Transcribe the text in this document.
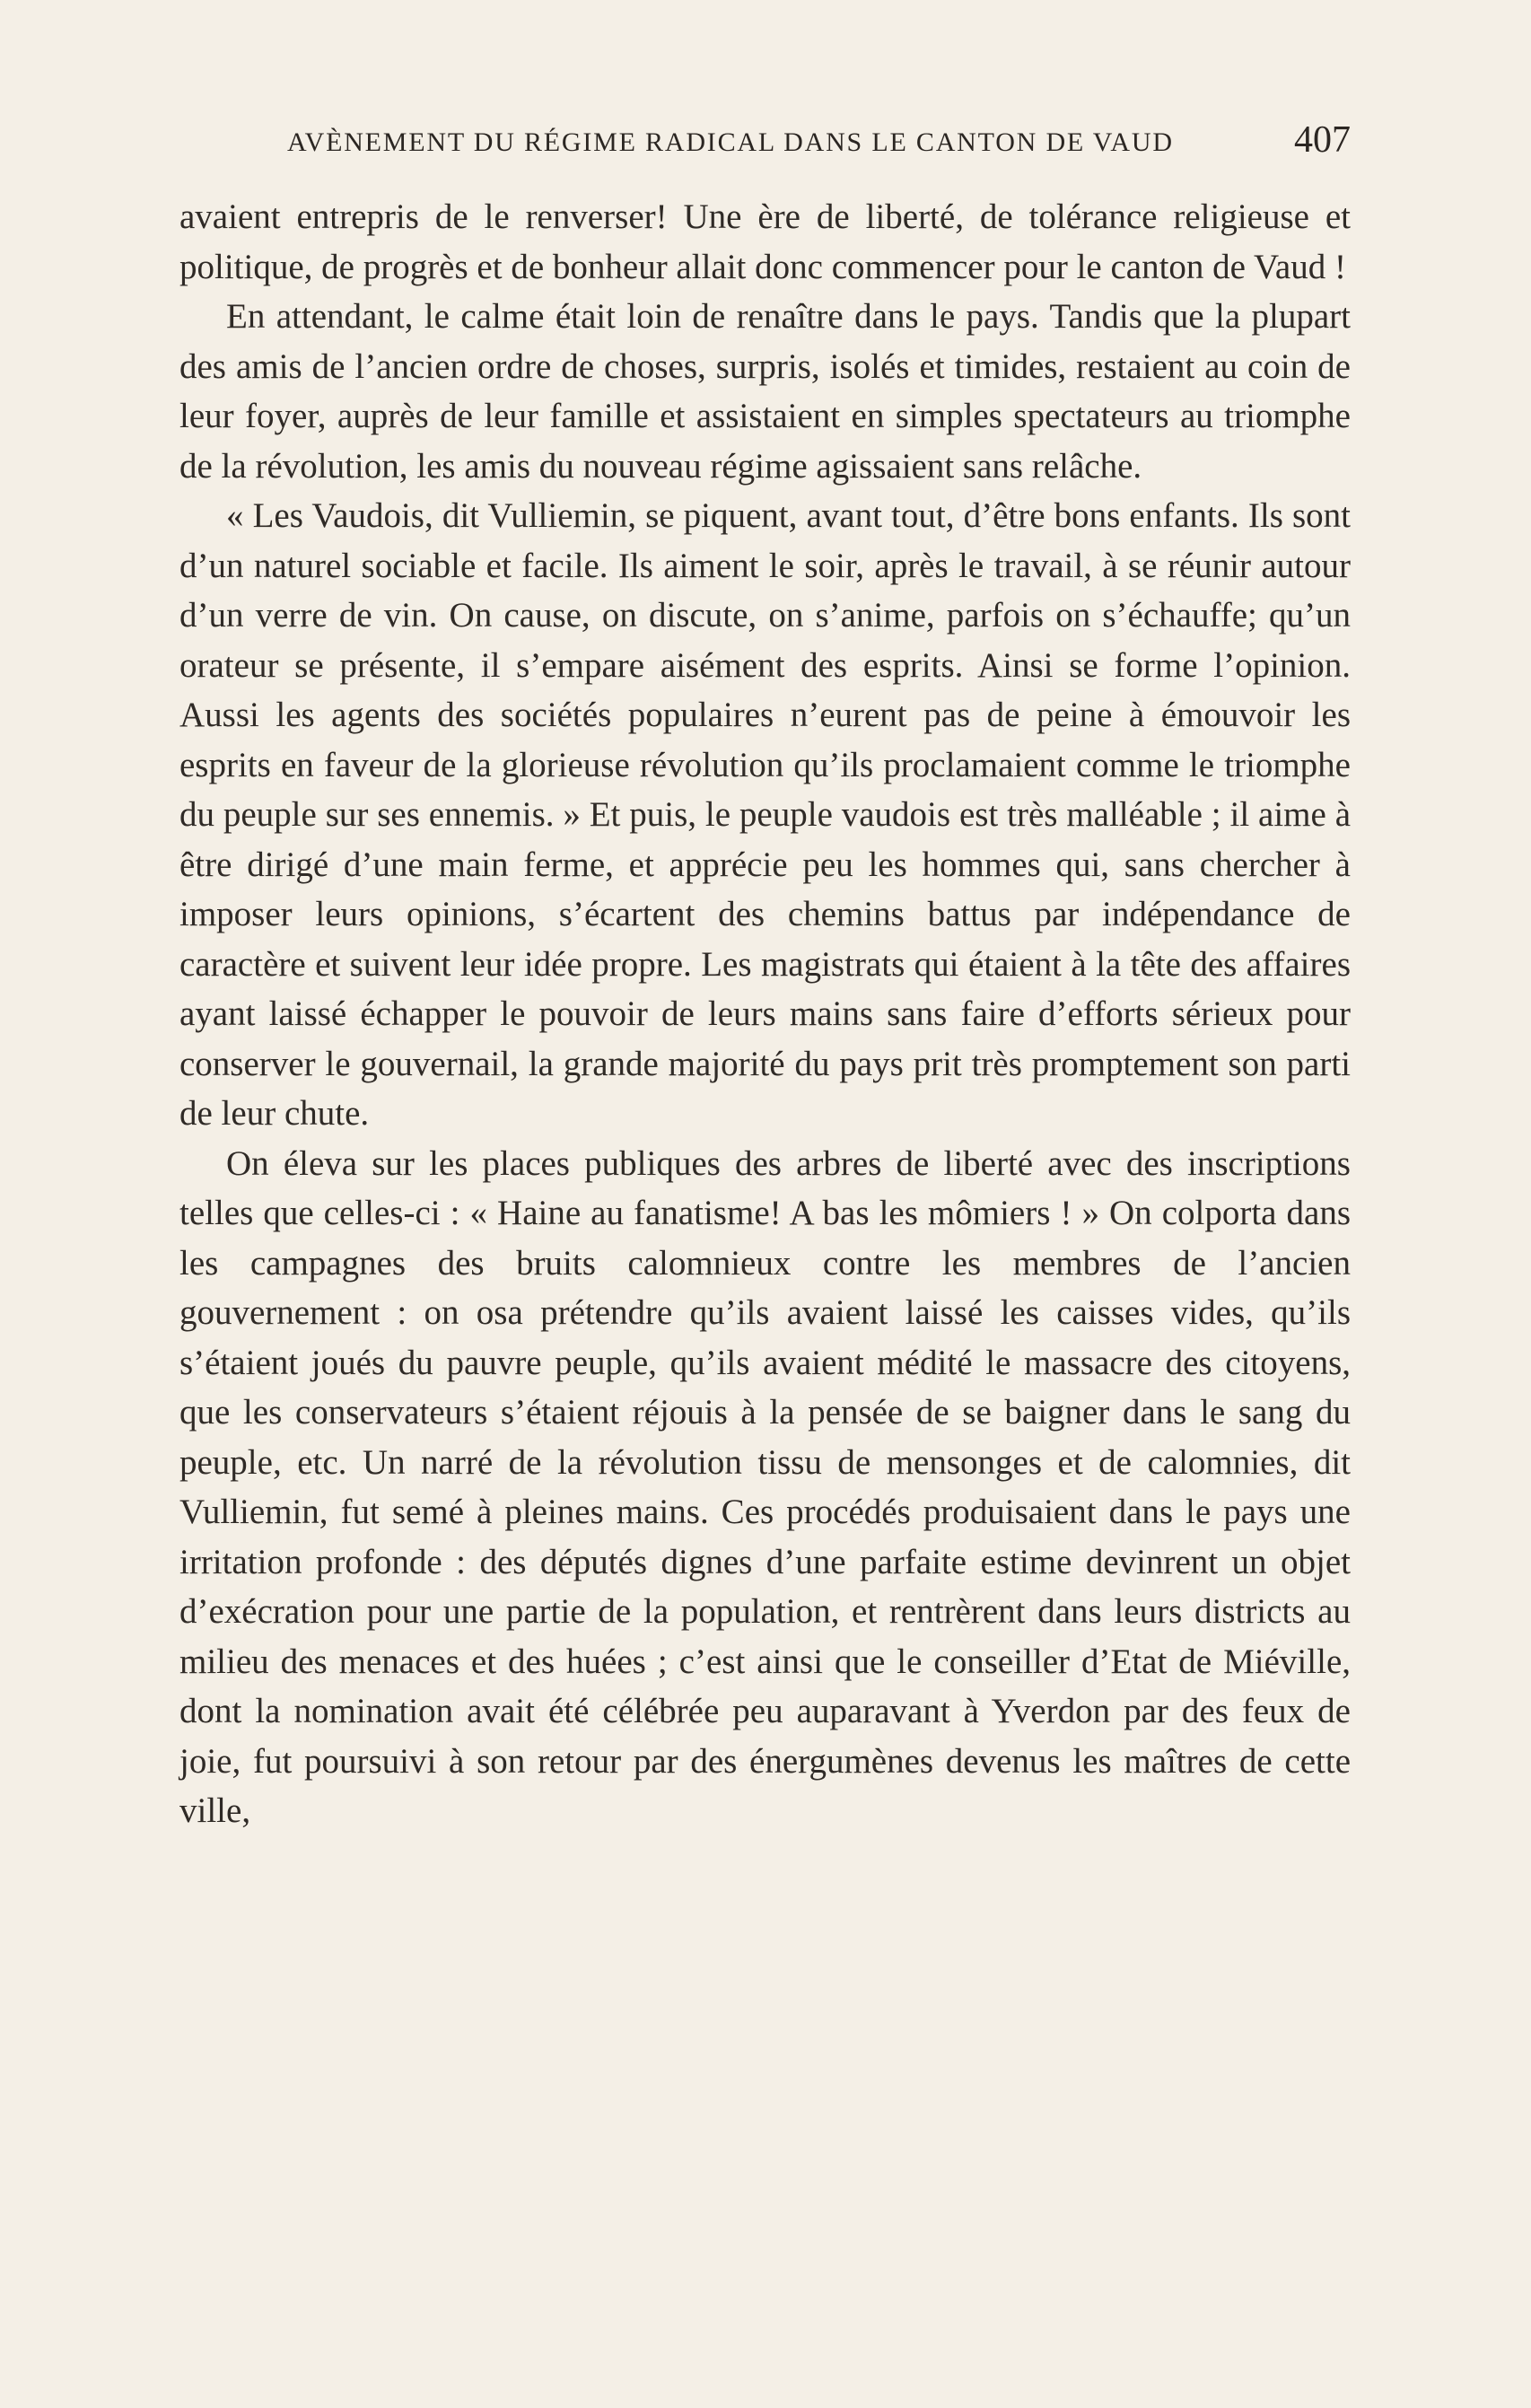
AVÈNEMENT DU RÉGIME RADICAL DANS LE CANTON DE VAUD	407

avaient entrepris de le renverser! Une ère de liberté, de tolérance religieuse et politique, de progrès et de bonheur allait donc commencer pour le canton de Vaud !

En attendant, le calme était loin de renaître dans le pays. Tandis que la plupart des amis de l’ancien ordre de choses, surpris, isolés et timides, restaient au coin de leur foyer, auprès de leur famille et assistaient en simples spectateurs au triomphe de la révolution, les amis du nouveau régime agissaient sans relâche.

« Les Vaudois, dit Vulliemin, se piquent, avant tout, d’être bons enfants. Ils sont d’un naturel sociable et facile. Ils aiment le soir, après le travail, à se réunir autour d’un verre de vin. On cause, on discute, on s’anime, parfois on s’échauffe; qu’un orateur se présente, il s’empare aisément des esprits. Ainsi se forme l’opinion. Aussi les agents des sociétés populaires n’eurent pas de peine à émouvoir les esprits en faveur de la glorieuse révolution qu’ils proclamaient comme le triomphe du peuple sur ses ennemis. » Et puis, le peuple vaudois est très malléable ; il aime à être dirigé d’une main ferme, et apprécie peu les hommes qui, sans chercher à imposer leurs opinions, s’écartent des chemins battus par indépendance de caractère et suivent leur idée propre. Les magistrats qui étaient à la tête des affaires ayant laissé échapper le pouvoir de leurs mains sans faire d’efforts sérieux pour conserver le gouvernail, la grande majorité du pays prit très promptement son parti de leur chute.

On éleva sur les places publiques des arbres de liberté avec des inscriptions telles que celles-ci : « Haine au fanatisme! A bas les mômiers ! » On colporta dans les campagnes des bruits calomnieux contre les membres de l’ancien gouvernement : on osa prétendre qu’ils avaient laissé les caisses vides, qu’ils s’étaient joués du pauvre peuple, qu’ils avaient médité le massacre des citoyens, que les conservateurs s’étaient réjouis à la pensée de se baigner dans le sang du peuple, etc. Un narré de la révolution tissu de mensonges et de calomnies, dit Vulliemin, fut semé à pleines mains. Ces procédés produisaient dans le pays une irritation profonde : des députés dignes d’une parfaite estime devinrent un objet d’exécration pour une partie de la population, et rentrèrent dans leurs districts au milieu des menaces et des huées ; c’est ainsi que le conseiller d’Etat de Miéville, dont la nomination avait été célébrée peu auparavant à Yverdon par des feux de joie, fut poursuivi à son retour par des énergumènes devenus les maîtres de cette ville,
